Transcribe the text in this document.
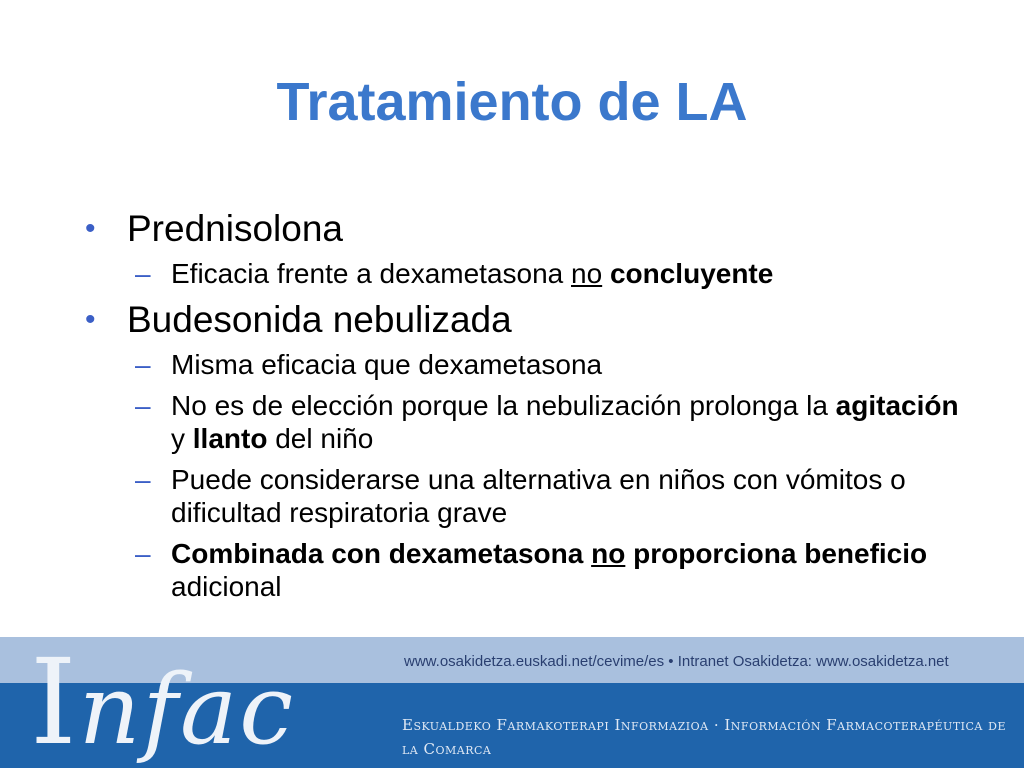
Tratamiento de LA
• Prednisolona
– Eficacia frente a dexametasona no concluyente
• Budesonida nebulizada
– Misma eficacia que dexametasona
– No es de elección porque la nebulización prolonga la agitación y llanto del niño
– Puede considerarse una alternativa en niños con vómitos o dificultad respiratoria grave
– Combinada con dexametasona no proporciona beneficio adicional
Infac	www.osakidetza.euskadi.net/cevime/es • Intranet Osakidetza: www.osakidetza.net
Eskualdeko Farmakoterapi Informazioa · Información Farmacoterapéutica de la Comarca
